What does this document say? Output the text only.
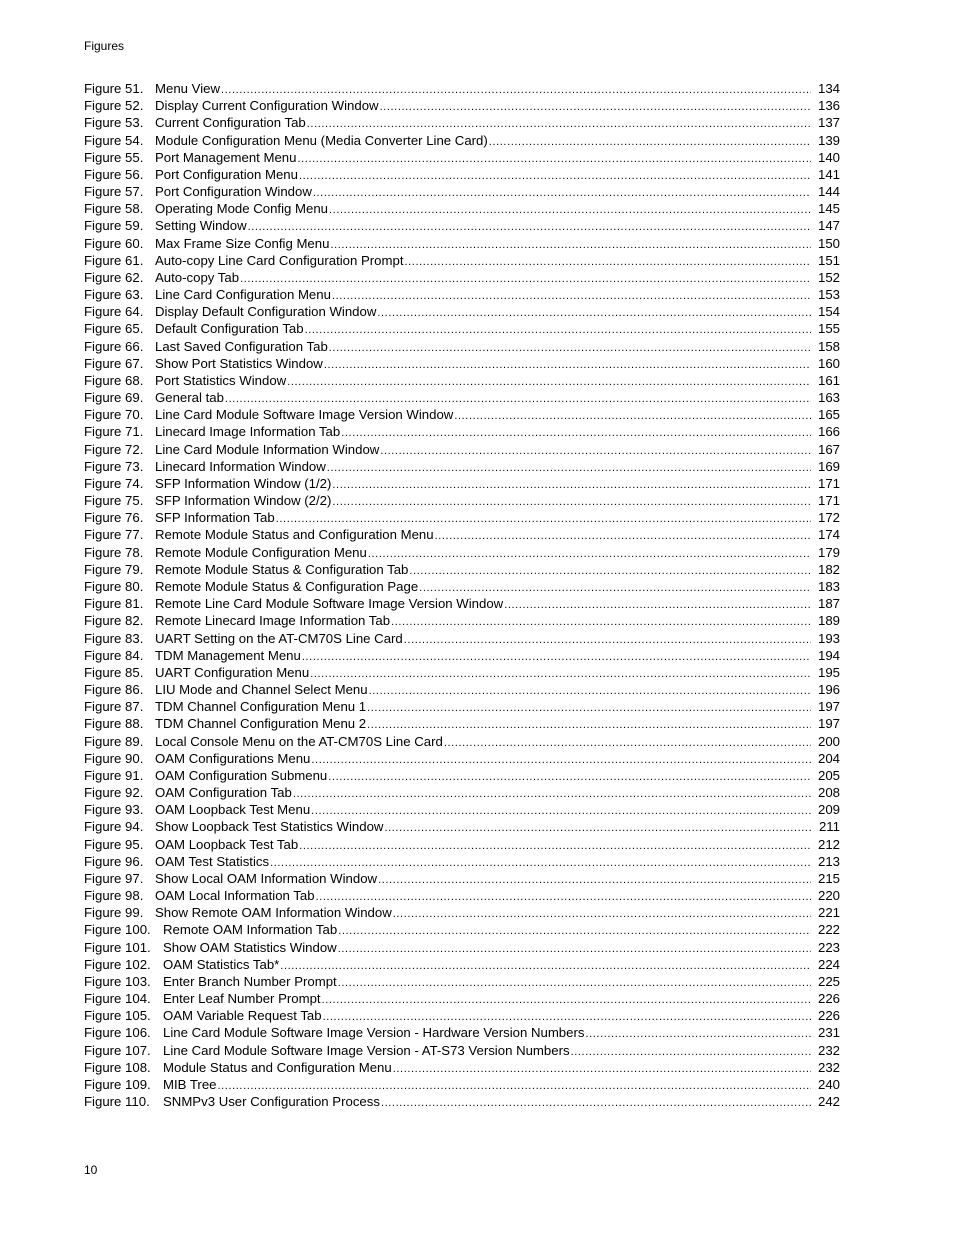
Figures
Figure 51. Menu View .....	134
Figure 52. Display Current Configuration Window .....	136
Figure 53. Current Configuration Tab .....	137
Figure 54. Module Configuration Menu (Media Converter Line Card) .....	139
Figure 55. Port Management Menu .....	140
Figure 56. Port Configuration Menu .....	141
Figure 57. Port Configuration Window .....	144
Figure 58. Operating Mode Config Menu .....	145
Figure 59. Setting Window .....	147
Figure 60. Max Frame Size Config Menu .....	150
Figure 61. Auto-copy Line Card Configuration Prompt .....	151
Figure 62. Auto-copy Tab .....	152
Figure 63. Line Card Configuration Menu .....	153
Figure 64. Display Default Configuration Window .....	154
Figure 65. Default Configuration Tab .....	155
Figure 66. Last Saved Configuration Tab .....	158
Figure 67. Show Port Statistics Window .....	160
Figure 68. Port Statistics Window .....	161
Figure 69. General tab .....	163
Figure 70. Line Card Module Software Image Version Window .....	165
Figure 71. Linecard Image Information Tab .....	166
Figure 72. Line Card Module Information Window .....	167
Figure 73. Linecard Information Window .....	169
Figure 74. SFP Information Window (1/2) .....	171
Figure 75. SFP Information Window (2/2) .....	171
Figure 76. SFP Information Tab .....	172
Figure 77. Remote Module Status and Configuration Menu .....	174
Figure 78. Remote Module Configuration Menu .....	179
Figure 79. Remote Module Status & Configuration Tab .....	182
Figure 80. Remote Module Status & Configuration Page .....	183
Figure 81. Remote Line Card Module Software Image Version Window .....	187
Figure 82. Remote Linecard Image Information Tab .....	189
Figure 83. UART Setting on the AT-CM70S Line Card .....	193
Figure 84. TDM Management Menu .....	194
Figure 85. UART Configuration Menu .....	195
Figure 86. LIU Mode and Channel Select Menu .....	196
Figure 87. TDM Channel Configuration Menu 1 .....	197
Figure 88. TDM Channel Configuration Menu 2 .....	197
Figure 89. Local Console Menu on the AT-CM70S Line Card .....	200
Figure 90. OAM Configurations Menu .....	204
Figure 91. OAM Configuration Submenu .....	205
Figure 92. OAM Configuration Tab .....	208
Figure 93. OAM Loopback Test Menu .....	209
Figure 94. Show Loopback Test Statistics Window .....	211
Figure 95. OAM Loopback Test Tab .....	212
Figure 96. OAM Test Statistics .....	213
Figure 97. Show Local OAM Information Window .....	215
Figure 98. OAM Local Information Tab .....	220
Figure 99. Show Remote OAM Information Window .....	221
Figure 100. Remote OAM Information Tab .....	222
Figure 101. Show OAM Statistics Window .....	223
Figure 102. OAM Statistics Tab* .....	224
Figure 103. Enter Branch Number Prompt .....	225
Figure 104. Enter Leaf Number Prompt .....	226
Figure 105. OAM Variable Request Tab .....	226
Figure 106. Line Card Module Software Image Version - Hardware Version Numbers .....	231
Figure 107. Line Card Module Software Image Version - AT-S73 Version Numbers .....	232
Figure 108. Module Status and Configuration Menu .....	232
Figure 109. MIB Tree .....	240
Figure 110. SNMPv3 User Configuration Process .....	242
10
